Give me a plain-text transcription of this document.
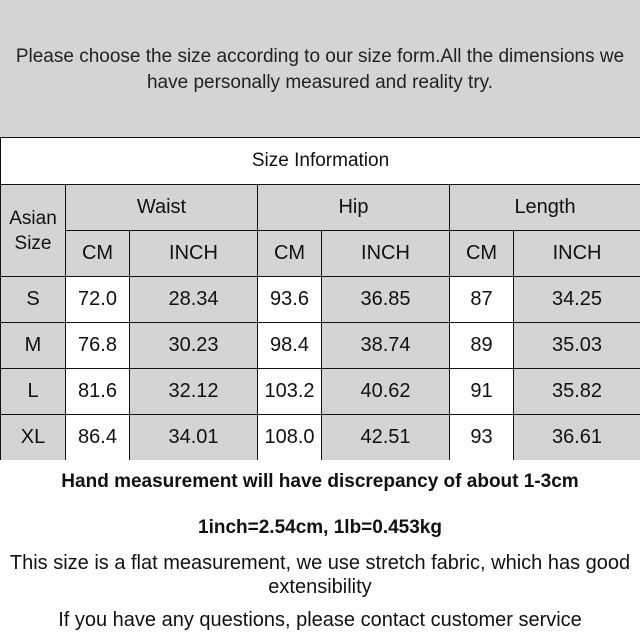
Please choose the size according to our size form.All the dimensions we
have personally measured and reality try.
Size Information						
Asian
Size	Waist		Hip		Length	
	CM	INCH	CM	INCH	CM	INCH
S	72.0	28.34	93.6	36.85	87	34.25
M	76.8	30.23	98.4	38.74	89	35.03
L	81.6	32.12	103.2	40.62	91	35.82
XL	86.4	34.01	108.0	42.51	93	36.61
Hand measurement will have discrepancy of about 1-3cm
1inch=2.54cm, 1lb=0.453kg
This size is a flat measurement, we use stretch fabric, which has good
extensibility
If you have any questions, please contact customer service
